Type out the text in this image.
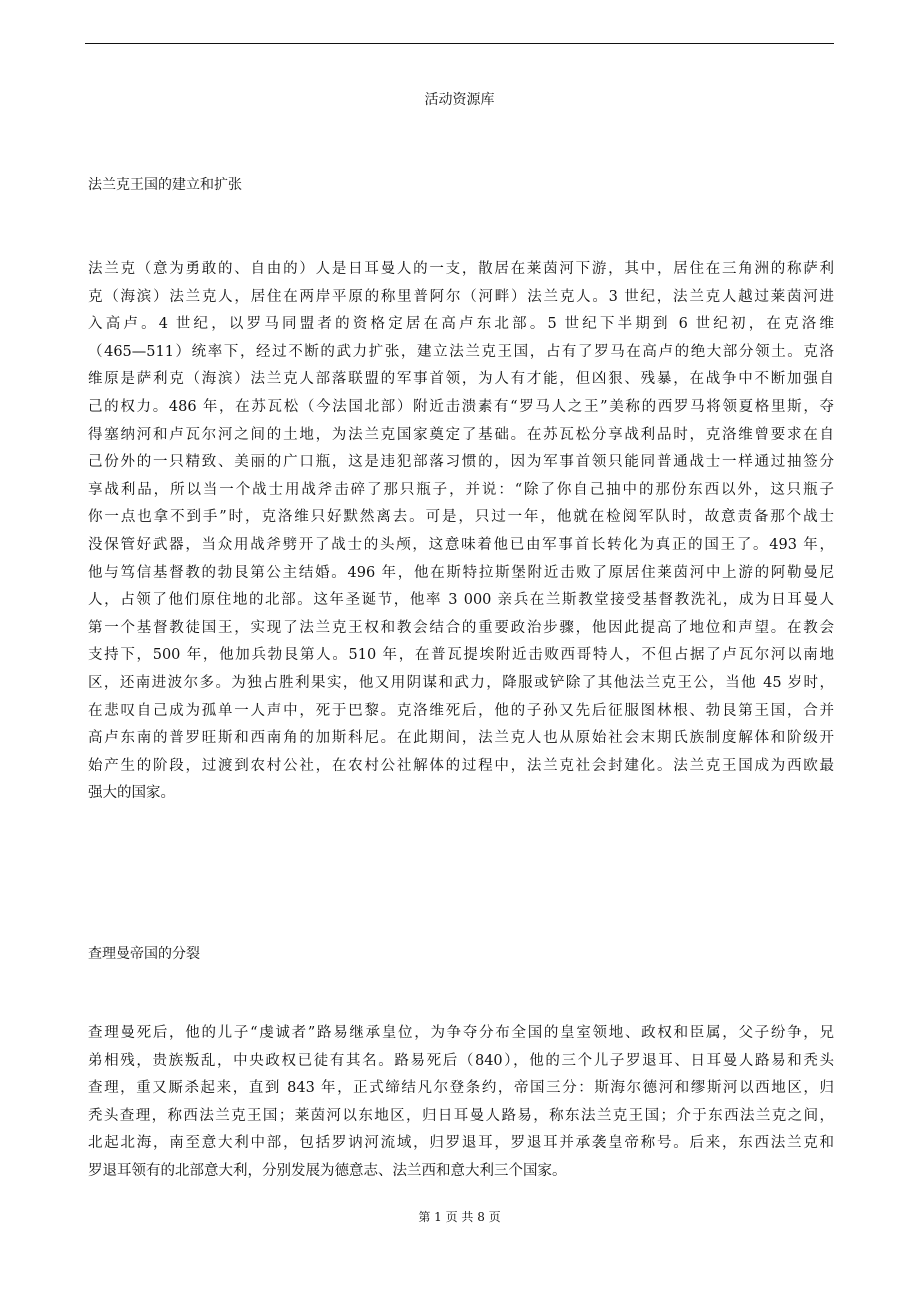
活动资源库
法兰克王国的建立和扩张
法兰克（意为勇敢的、自由的）人是日耳曼人的一支，散居在莱茵河下游，其中，居住在三角洲的称萨利
克（海滨）法兰克人，居住在两岸平原的称里普阿尔（河畔）法兰克人。3 世纪，法兰克人越过莱茵河进
入高卢。4 世纪，以罗马同盟者的资格定居在高卢东北部。5 世纪下半期到 6 世纪初，在克洛维
（465—511）统率下，经过不断的武力扩张，建立法兰克王国，占有了罗马在高卢的绝大部分领土。克洛
维原是萨利克（海滨）法兰克人部落联盟的军事首领，为人有才能，但凶狠、残暴，在战争中不断加强自
己的权力。486 年，在苏瓦松（今法国北部）附近击溃素有“罗马人之王”美称的西罗马将领夏格里斯，夺
得塞纳河和卢瓦尔河之间的土地，为法兰克国家奠定了基础。在苏瓦松分享战利品时，克洛维曾要求在自
己份外的一只精致、美丽的广口瓶，这是违犯部落习惯的，因为军事首领只能同普通战士一样通过抽签分
享战利品，所以当一个战士用战斧击碎了那只瓶子，并说：“除了你自己抽中的那份东西以外，这只瓶子
你一点也拿不到手”时，克洛维只好默然离去。可是，只过一年，他就在检阅军队时，故意责备那个战士
没保管好武器，当众用战斧劈开了战士的头颅，这意味着他已由军事首长转化为真正的国王了。493 年，
他与笃信基督教的勃艮第公主结婚。496 年，他在斯特拉斯堡附近击败了原居住莱茵河中上游的阿勒曼尼
人，占领了他们原住地的北部。这年圣诞节，他率 3 000 亲兵在兰斯教堂接受基督教洗礼，成为日耳曼人
第一个基督教徒国王，实现了法兰克王权和教会结合的重要政治步骤，他因此提高了地位和声望。在教会
支持下，500 年，他加兵勃艮第人。510 年，在普瓦提埃附近击败西哥特人，不但占据了卢瓦尔河以南地
区，还南进波尔多。为独占胜利果实，他又用阴谋和武力，降服或铲除了其他法兰克王公，当他 45 岁时，
在悲叹自己成为孤单一人声中，死于巴黎。克洛维死后，他的子孙又先后征服图林根、勃艮第王国，合并
高卢东南的普罗旺斯和西南角的加斯科尼。在此期间，法兰克人也从原始社会末期氏族制度解体和阶级开
始产生的阶段，过渡到农村公社，在农村公社解体的过程中，法兰克社会封建化。法兰克王国成为西欧最
强大的国家。
查理曼帝国的分裂
查理曼死后，他的儿子“虔诚者”路易继承皇位，为争夺分布全国的皇室领地、政权和臣属，父子纷争，兄
弟相残，贵族叛乱，中央政权已徒有其名。路易死后（840），他的三个儿子罗退耳、日耳曼人路易和秃头
查理，重又厮杀起来，直到 843 年，正式缔结凡尔登条约，帝国三分：斯海尔德河和缪斯河以西地区，归
秃头查理，称西法兰克王国；莱茵河以东地区，归日耳曼人路易，称东法兰克王国；介于东西法兰克之间，
北起北海，南至意大利中部，包括罗讷河流域，归罗退耳，罗退耳并承袭皇帝称号。后来，东西法兰克和
罗退耳领有的北部意大利，分别发展为德意志、法兰西和意大利三个国家。
第 1 页 共 8 页
